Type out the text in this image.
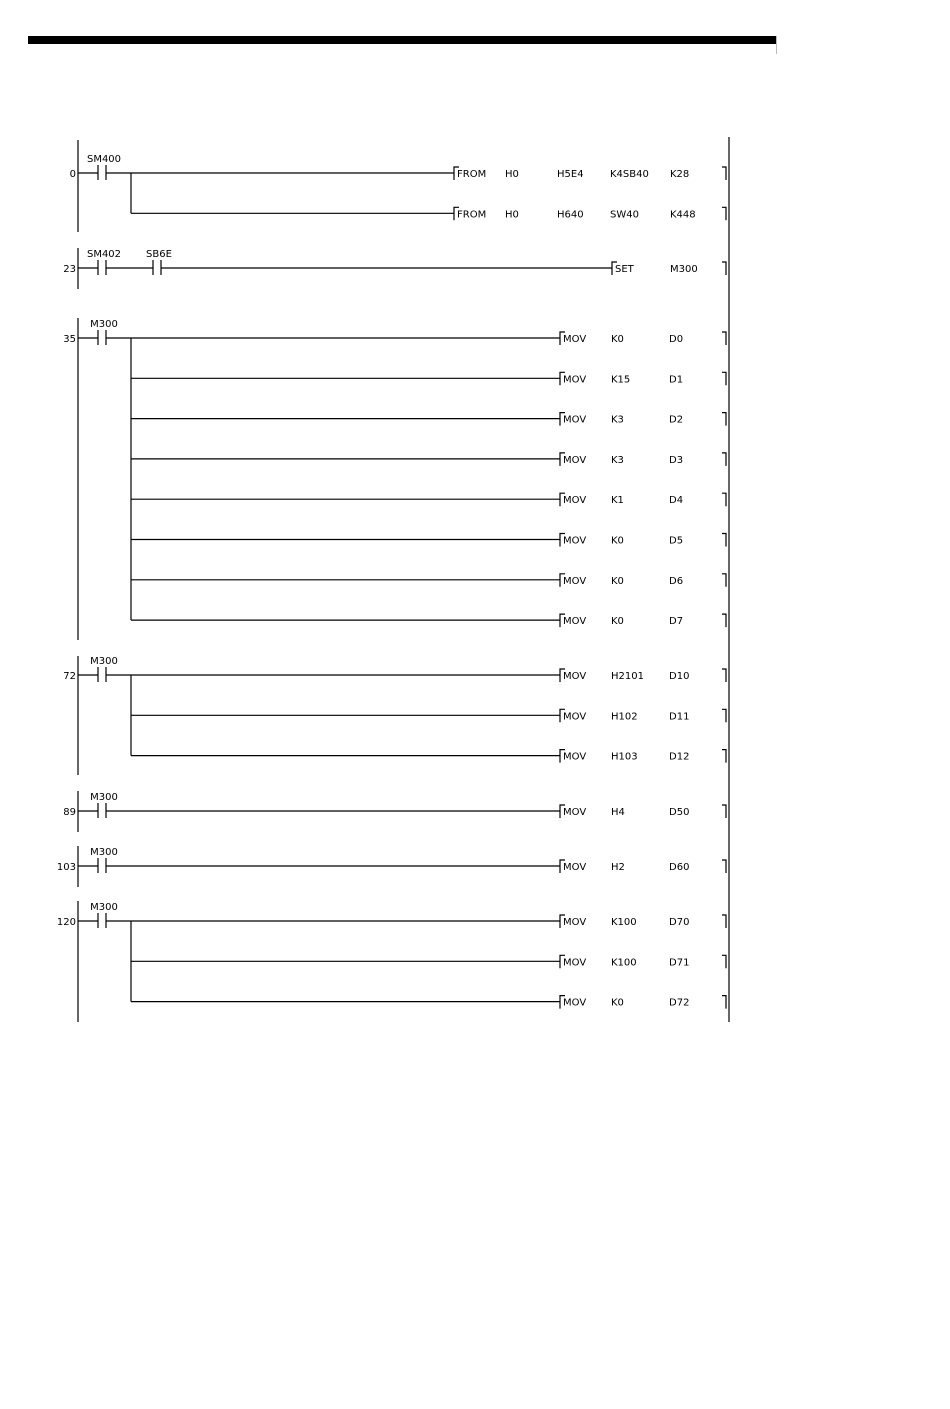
0
SM400
FROM H0	H5E4	K4SB40 K28
FROM H0	H640	SW40	K448
23
SM402	SB6E
SET	M300
35
M300
MOV K0	D0
MOV K15	D1
MOV K3	D2
MOV K3	D3
MOV K1	D4
MOV K0	D5
MOV K0	D6
MOV K0	D7
72
M300
MOV H2101	D10
MOV H102	D11
MOV H103	D12
89
M300
MOV H4	D50
103
M300
MOV H2	D60
120
M300
MOV K100	D70
MOV K100	D71
MOV K0	D72
